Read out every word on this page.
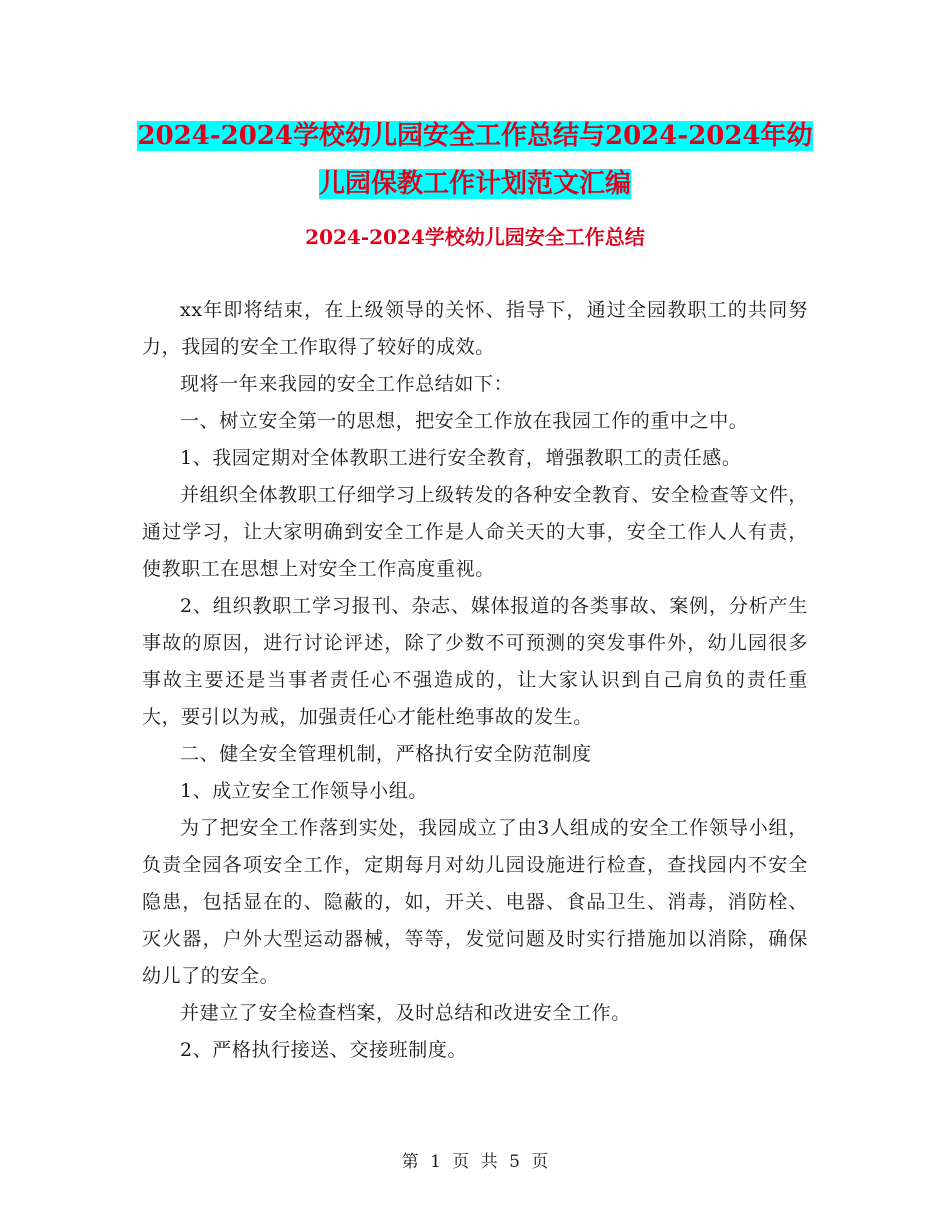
2024-2024学校幼儿园安全工作总结与2024-2024年幼
儿园保教工作计划范文汇编
2024-2024学校幼儿园安全工作总结

xx年即将结束，在上级领导的关怀、指导下，通过全园教职工的共同努力，我园的安全工作取得了较好的成效。

现将一年来我园的安全工作总结如下：

一、树立安全第一的思想，把安全工作放在我园工作的重中之中。

1、我园定期对全体教职工进行安全教育，增强教职工的责任感。

并组织全体教职工仔细学习上级转发的各种安全教育、安全检查等文件，通过学习，让大家明确到安全工作是人命关天的大事，安全工作人人有责，使教职工在思想上对安全工作高度重视。

2、组织教职工学习报刊、杂志、媒体报道的各类事故、案例，分析产生事故的原因，进行讨论评述，除了少数不可预测的突发事件外，幼儿园很多事故主要还是当事者责任心不强造成的，让大家认识到自己肩负的责任重大，要引以为戒，加强责任心才能杜绝事故的发生。

二、健全安全管理机制，严格执行安全防范制度

1、成立安全工作领导小组。

为了把安全工作落到实处，我园成立了由3人组成的安全工作领导小组，负责全园各项安全工作，定期每月对幼儿园设施进行检查，查找园内不安全隐患，包括显在的、隐蔽的，如，开关、电器、食品卫生、消毒，消防栓、灭火器，户外大型运动器械，等等，发觉问题及时实行措施加以消除，确保幼儿了的安全。

并建立了安全检查档案，及时总结和改进安全工作。

2、严格执行接送、交接班制度。

第 1 页 共 5 页
